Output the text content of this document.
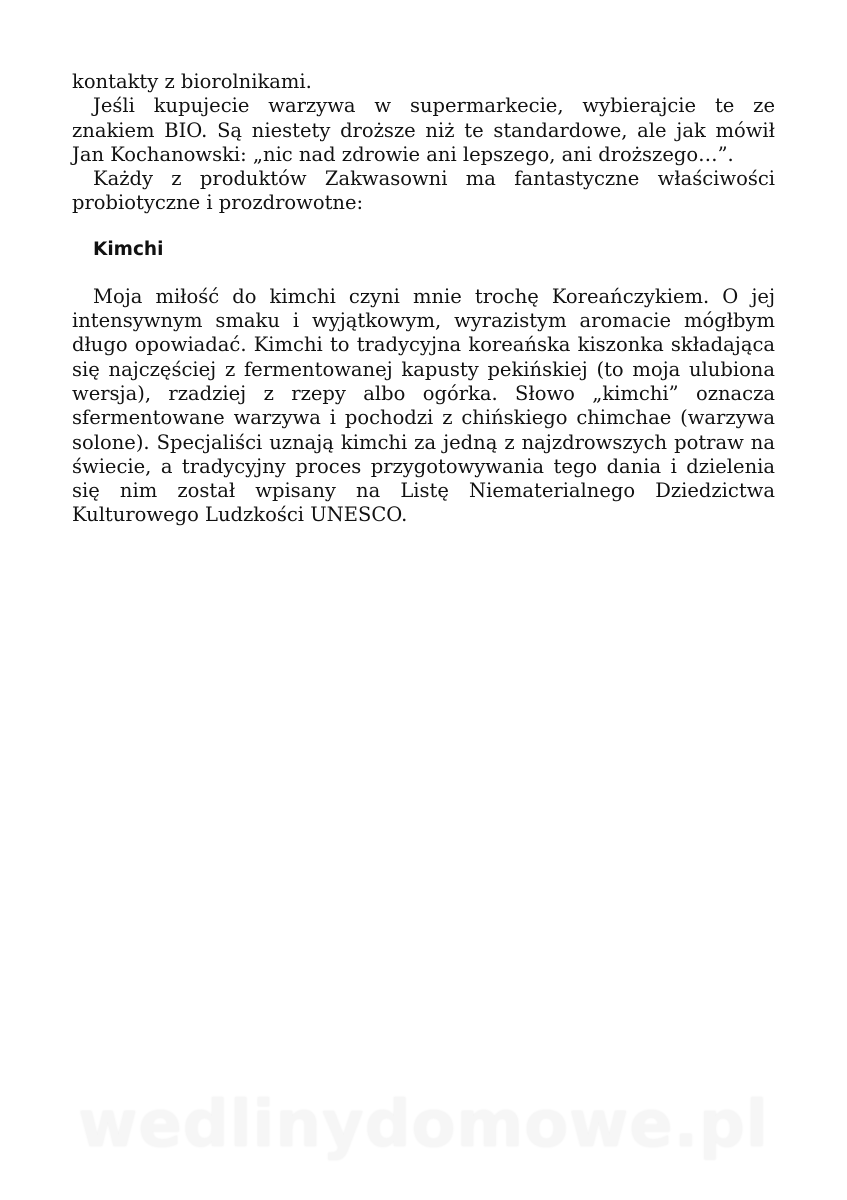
kontakty z biorolnikami.

Jeśli kupujecie warzywa w supermarkecie, wybierajcie te ze znakiem BIO. Są niestety droższe niż te standardowe, ale jak mówił Jan Kochanowski: „nic nad zdrowie ani lepszego, ani droższego…”.

Każdy z produktów Zakwasowni ma fantastyczne właściwości probiotyczne i prozdrowotne:

Kimchi

Moja miłość do kimchi czyni mnie trochę Koreańczykiem. O jej intensywnym smaku i wyjątkowym, wyrazistym aromacie mógłbym długo opowiadać. Kimchi to tradycyjna koreańska kiszonka składająca się najczęściej z fermentowanej kapusty pekińskiej (to moja ulubiona wersja), rzadziej z rzepy albo ogórka. Słowo „kimchi” oznacza sfermentowane warzywa i pochodzi z chińskiego chimchae (warzywa solone). Specjaliści uznają kimchi za jedną z najzdrowszych potraw na świecie, a tradycyjny proces przygotowywania tego dania i dzielenia się nim został wpisany na Listę Niematerialnego Dziedzictwa Kulturowego Ludzkości UNESCO.

wedlinydomowe.pl
